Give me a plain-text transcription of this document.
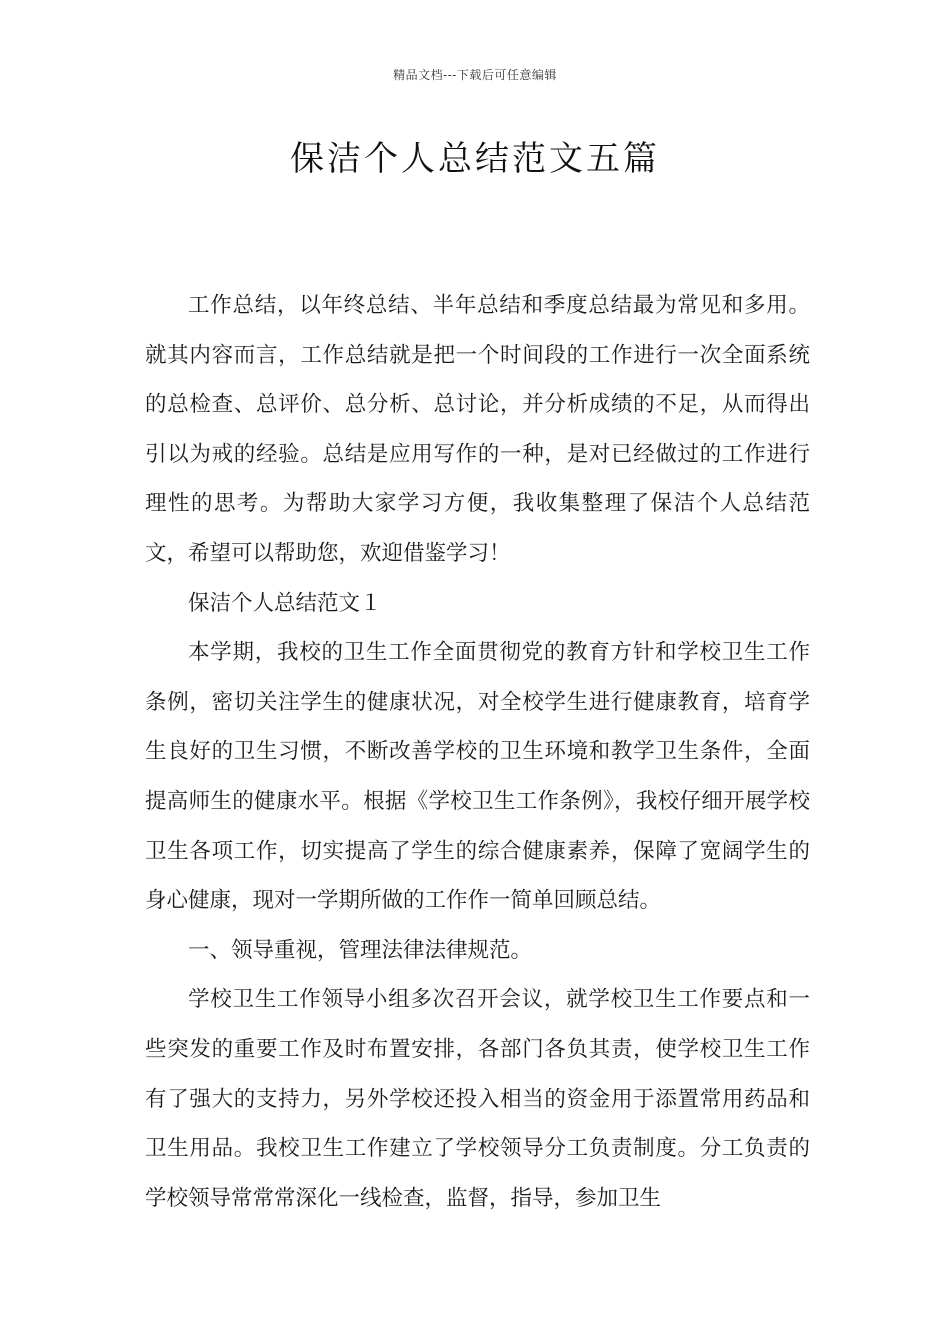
精品文档---下载后可任意编辑
保洁个人总结范文五篇

工作总结，以年终总结、半年总结和季度总结最为常见和多用。就其内容而言，工作总结就是把一个时间段的工作进行一次全面系统的总检查、总评价、总分析、总讨论，并分析成绩的不足，从而得出引以为戒的经验。总结是应用写作的一种，是对已经做过的工作进行理性的思考。为帮助大家学习方便，我收集整理了保洁个人总结范文，希望可以帮助您，欢迎借鉴学习！

保洁个人总结范文１

本学期，我校的卫生工作全面贯彻党的教育方针和学校卫生工作条例，密切关注学生的健康状况，对全校学生进行健康教育，培育学生良好的卫生习惯，不断改善学校的卫生环境和教学卫生条件，全面提高师生的健康水平。根据《学校卫生工作条例》，我校仔细开展学校卫生各项工作，切实提高了学生的综合健康素养，保障了宽阔学生的身心健康，现对一学期所做的工作作一简单回顾总结。

一、领导重视，管理法律法律规范。

学校卫生工作领导小组多次召开会议，就学校卫生工作要点和一些突发的重要工作及时布置安排，各部门各负其责，使学校卫生工作有了强大的支持力，另外学校还投入相当的资金用于添置常用药品和卫生用品。我校卫生工作建立了学校领导分工负责制度。分工负责的学校领导常常常深化一线检查，监督，指导，参加卫生
